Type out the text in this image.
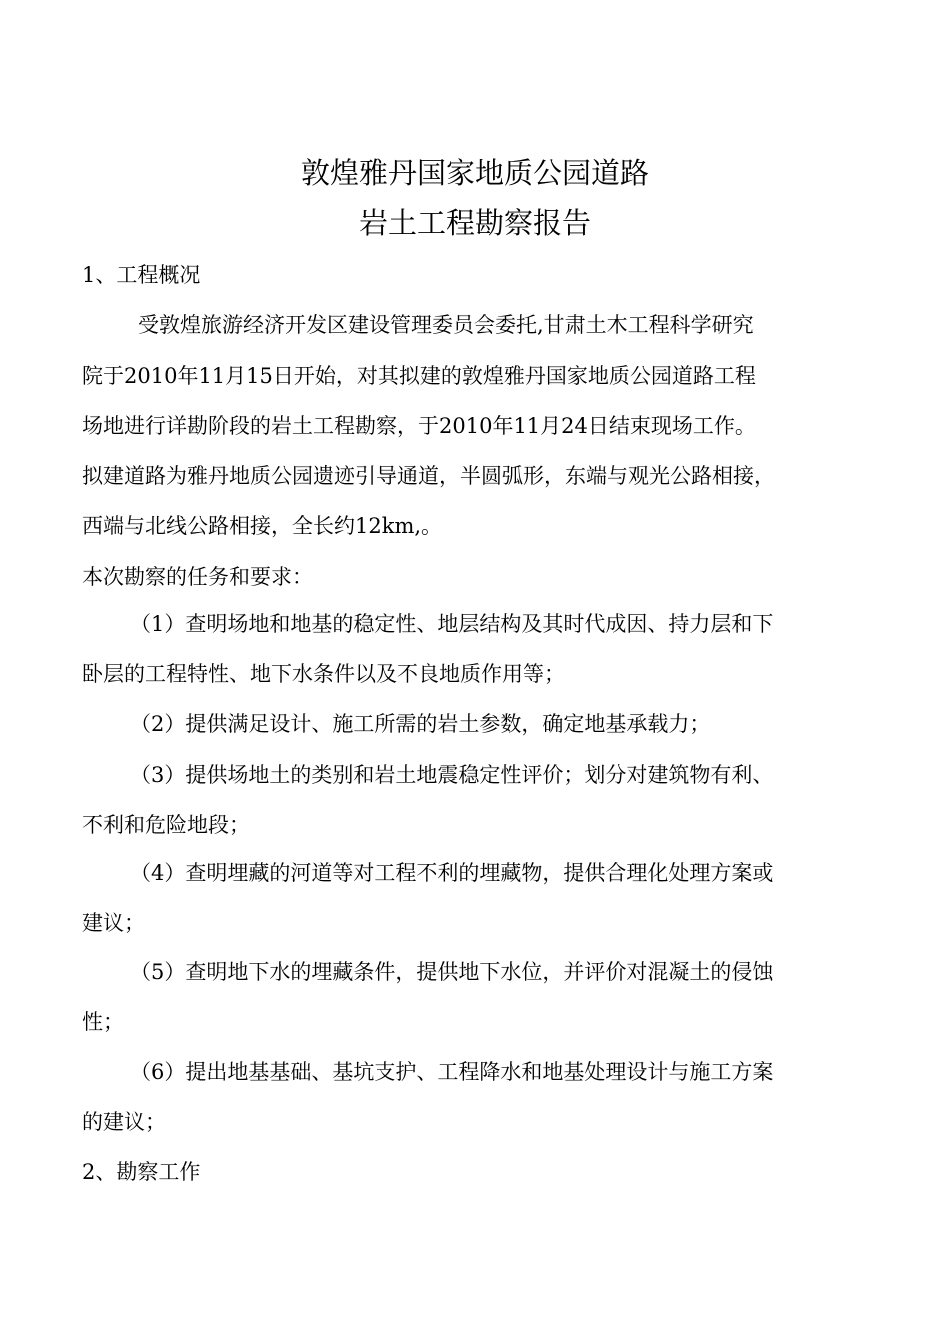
敦煌雅丹国家地质公园道路
岩土工程勘察报告
1、工程概况
受敦煌旅游经济开发区建设管理委员会委托,甘肃土木工程科学研究
院于2010年11月15日开始，对其拟建的敦煌雅丹国家地质公园道路工程
场地进行详勘阶段的岩土工程勘察，于2010年11月24日结束现场工作。
拟建道路为雅丹地质公园遗迹引导通道，半圆弧形，东端与观光公路相接，
西端与北线公路相接，全长约12km,。
本次勘察的任务和要求：
（1）查明场地和地基的稳定性、地层结构及其时代成因、持力层和下
卧层的工程特性、地下水条件以及不良地质作用等；
（2）提供满足设计、施工所需的岩土参数，确定地基承载力；
（3）提供场地土的类别和岩土地震稳定性评价；划分对建筑物有利、
不利和危险地段；
（4）查明埋藏的河道等对工程不利的埋藏物，提供合理化处理方案或
建议；
（5）查明地下水的埋藏条件，提供地下水位，并评价对混凝土的侵蚀
性；
（6）提出地基基础、基坑支护、工程降水和地基处理设计与施工方案
的建议；
2、勘察工作
